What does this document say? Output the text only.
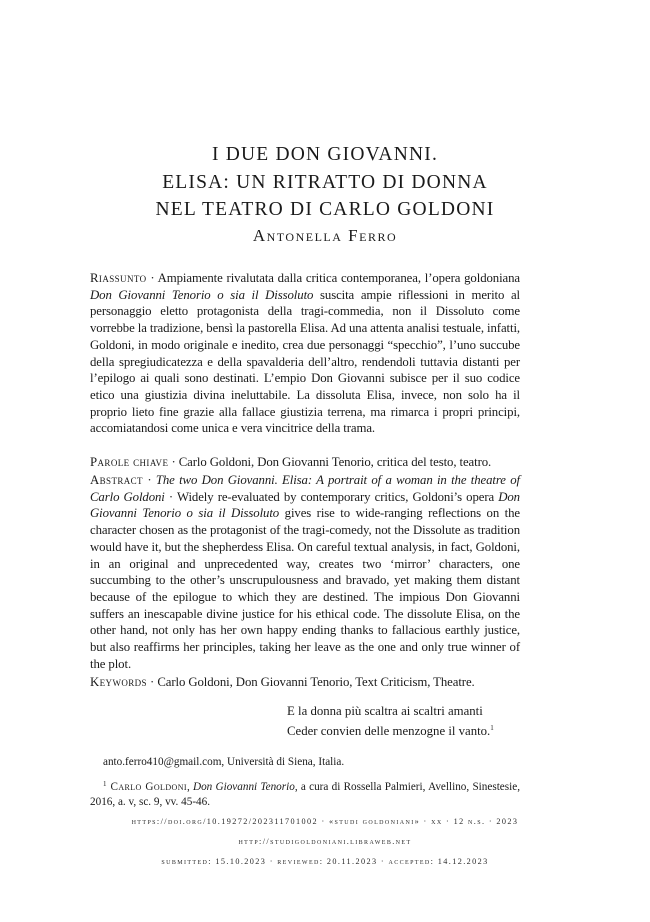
I DUE DON GIOVANNI.
ELISA: UN RITRATTO DI DONNA
NEL TEATRO DI CARLO GOLDONI
Antonella Ferro

Riassunto · Ampiamente rivalutata dalla critica contemporanea, l’opera goldoniana Don Giovanni Tenorio o sia il Dissoluto suscita ampie riflessioni in merito al personaggio eletto protagonista della tragi-commedia, non il Dissoluto come vorrebbe la tradizione, bensì la pastorella Elisa. Ad una attenta analisi testuale, infatti, Goldoni, in modo originale e inedito, crea due personaggi “specchio”, l’uno succube della spregiudicatezza e della spavalderia dell’altro, rendendoli tuttavia distanti per l’epilogo ai quali sono destinati. L’empio Don Giovanni subisce per il suo codice etico una giustizia divina ineluttabile. La dissoluta Elisa, invece, non solo ha il proprio lieto fine grazie alla fallace giustizia terrena, ma rimarca i propri principi, accomiatandosi come unica e vera vincitrice della trama.

Parole chiave · Carlo Goldoni, Don Giovanni Tenorio, critica del testo, teatro.

Abstract · The two Don Giovanni. Elisa: A portrait of a woman in the theatre of Carlo Goldoni · Widely re-evaluated by contemporary critics, Goldoni’s opera Don Giovanni Tenorio o sia il Dissoluto gives rise to wide-ranging reflections on the character chosen as the protagonist of the tragi-comedy, not the Dissolute as tradition would have it, but the shepherdess Elisa. On careful textual analysis, in fact, Goldoni, in an original and unprecedented way, creates two ‘mirror’ characters, one succumbing to the other’s unscrupulousness and bravado, yet making them distant because of the epilogue to which they are destined. The impious Don Giovanni suffers an inescapable divine justice for his ethical code. The dissolute Elisa, on the other hand, not only has her own happy ending thanks to fallacious earthly justice, but also reaffirms her principles, taking her leave as the one and only true winner of the plot.

Keywords · Carlo Goldoni, Don Giovanni Tenorio, Text Criticism, Theatre.

E la donna più scaltra ai scaltri amanti
Ceder convien delle menzogne il vanto.$^1$

anto.ferro410@gmail.com, Università di Siena, Italia.

$^1$ Carlo Goldoni, Don Giovanni Tenorio, a cura di Rossella Palmieri, Avellino, Sinestesie, 2016, a. v, sc. 9, vv. 45-46.

https://doi.org/10.19272/202311701002 · «studi goldoniani» · xx · 12 n.s. · 2023
http://studigoldoniani.libraweb.net
submitted: 15.10.2023 · reviewed: 20.11.2023 · accepted: 14.12.2023
